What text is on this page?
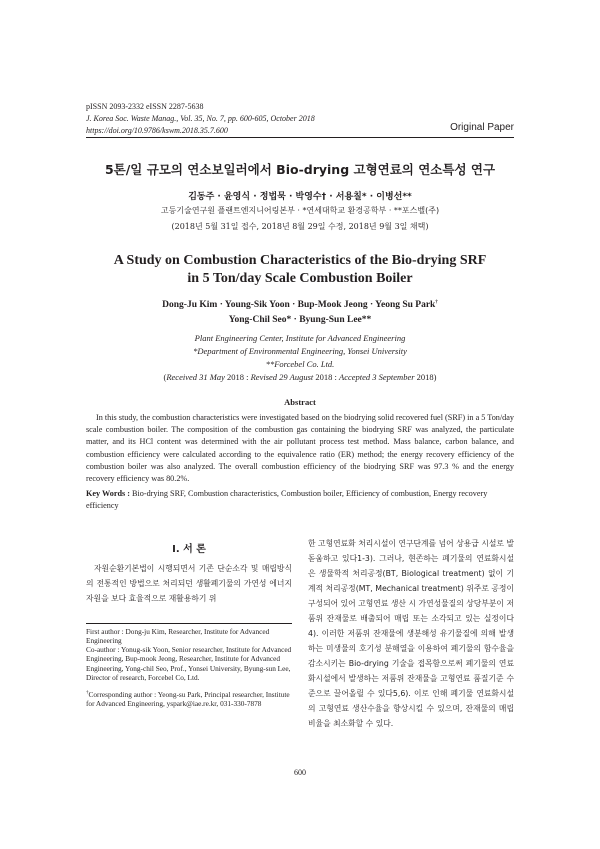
pISSN 2093-2332 eISSN 2287-5638
J. Korea Soc. Waste Manag., Vol. 35, No. 7, pp. 600-605, October 2018
https://doi.org/10.9786/kswm.2018.35.7.600	Original Paper
5톤/일 규모의 연소보일러에서 Bio-drying 고형연료의 연소특성 연구
김동주 · 윤영식 · 정법묵 · 박영수† · 서용칠* · 이병선**
고등기술연구원 플랜트엔지니어링본부 · *연세대학교 환경공학부 · **포스벨(주)
(2018년 5월 31일 접수, 2018년 8월 29일 수정, 2018년 9월 3일 채택)
A Study on Combustion Characteristics of the Bio-drying SRF
in 5 Ton/day Scale Combustion Boiler
Dong-Ju Kim · Young-Sik Yoon · Bup-Mook Jeong · Yeong Su Park†
Yong-Chil Seo* · Byung-Sun Lee**
Plant Engineering Center, Institute for Advanced Engineering
*Department of Environmental Engineering, Yonsei University
**Forcebel Co. Ltd.
(Received 31 May 2018 : Revised 29 August 2018 : Accepted 3 September 2018)
Abstract

In this study, the combustion characteristics were investigated based on the biodrying solid recovered fuel (SRF) in a 5 Ton/day scale combustion boiler. The composition of the combustion gas containing the biodrying SRF was analyzed, the particulate matter, and its HCl content was determined with the air pollutant process test method. Mass balance, carbon balance, and combustion efficiency were calculated according to the equivalence ratio (ER) method; the energy recovery efficiency of the combustion boiler was also analyzed. The overall combustion efficiency of the biodrying SRF was 97.3 % and the energy recovery efficiency was 80.2%.

Key Words : Bio-drying SRF, Combustion characteristics, Combustion boiler, Efficiency of combustion, Energy recovery efficiency

I. 서 론

자원순환기본법이 시행되면서 기존 단순소각 및 매립방식의 전통적인 방법으로 처리되던 생활폐기물의 가연성 에너지 자원을 보다 효율적으로 재활용하기 위

한 고형연료화 처리시설이 연구단계를 넘어 상용급 시설로 발돋움하고 있다1-3). 그러나, 현존하는 폐기물의 연료화시설은 생물학적 처리공정(BT, Biological treatment) 없이 기계적 처리공정(MT, Mechanical treatment) 위주로 공정이 구성되어 있어 고형연료 생산 시 가연성물질의 상당부분이 저품위 잔재물로 배출되어 매립 또는 소각되고 있는 실정이다4). 이러한 저품위 잔재물에 생분해성 유기물질에 의해 발생하는 미생물의 호기성 분해열을 이용하여 폐기물의 함수율을 감소시키는 Bio-drying 기술을 접목함으로써 폐기물의 연료화시설에서 발생하는 저품위 잔재물을 고형연료 품질기준 수준으로 끌어올릴 수 있다5,6). 이로 인해 폐기물 연료화시설의 고형연료 생산수율을 향상시킬 수 있으며, 잔재물의 매립 비율을 최소화할 수 있다.

First author : Dong-ju Kim, Researcher, Institute for Advanced Engineering
Co-author : Yonug-sik Yoon, Senior researcher, Institute for Advanced Engineering, Bup-mook Jeong, Researcher, Institute for Advanced Engineering, Yong-chil Seo, Prof., Yonsei University, Byung-sun Lee, Director of research, Forcebel Co, Ltd.
†Corresponding author : Yeong-su Park, Principal researcher, Institute for Advanced Engineering, yspark@iae.re.kr, 031-330-7878
600
